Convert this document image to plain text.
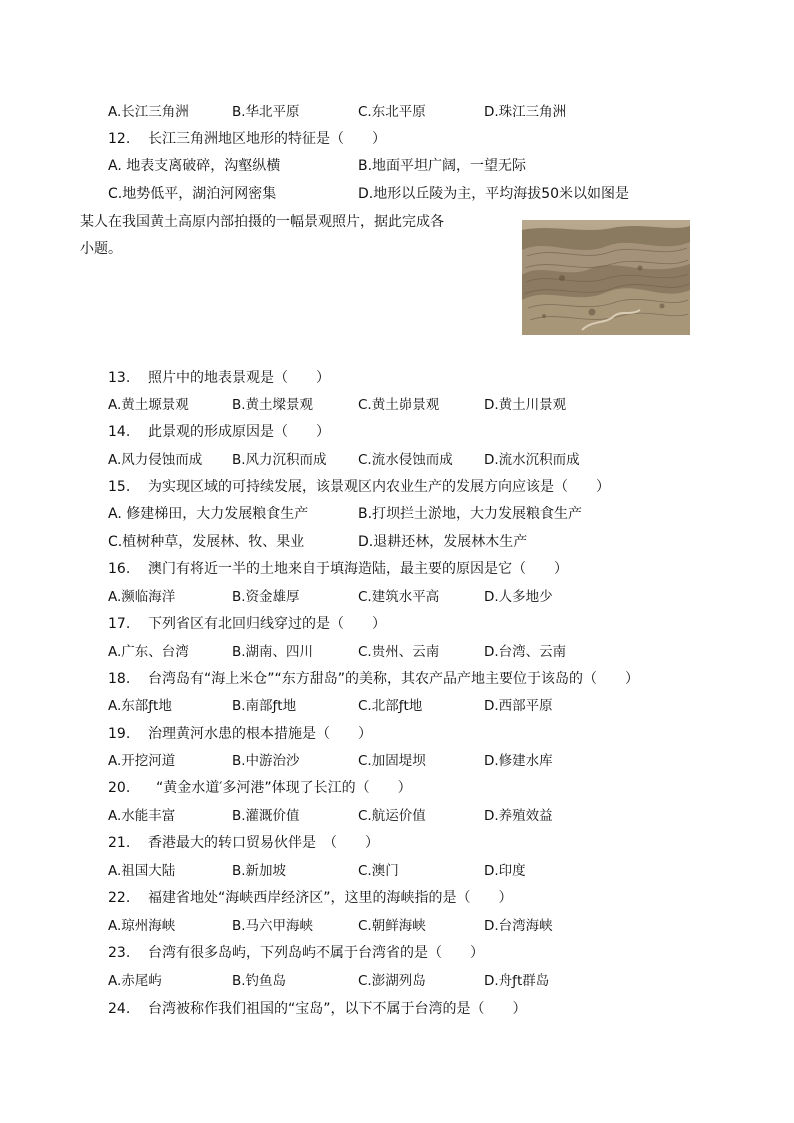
A.长江三角洲	B.华北平原	C.东北平原	D.珠江三角洲
12. 长江三角洲地区地形的特征是（　　）
A. 地表支离破碎，沟壑纵横	B.地面平坦广阔，一望无际
C.地势低平，湖泊河网密集	D.地形以丘陵为主，平均海拔50米以如图是
某人在我国黄土高原内部拍摄的一幅景观照片，据此完成各
小题。
13. 照片中的地表景观是（　　）
A.黄土塬景观	B.黄土墚景观	C.黄土峁景观	D.黄土川景观
14. 此景观的形成原因是（　　）
A.风力侵蚀而成 B.风力沉积而成 C.流水侵蚀而成 D.流水沉积而成
15. 为实现区域的可持续发展，该景观区内农业生产的发展方向应该是（　　）
A. 修建梯田，大力发展粮食生产	B.打坝拦土淤地，大力发展粮食生产
C.植树种草，发展林、牧、果业	D.退耕还林，发展林木生产
16. 澳门有将近一半的土地来自于填海造陆，最主要的原因是它（　　）
A.濒临海洋	B.资金雄厚	C.建筑水平高	D.人多地少
17. 下列省区有北回归线穿过的是（　　）
A.广东、台湾	B.湖南、四川	C.贵州、云南	D.台湾、云南
18. 台湾岛有“海上米仓”“东方甜岛”的美称，其农产品产地主要位于该岛的（　　）
A.东部ƒt地	B.南部ƒt地	C.北部ƒt地	D.西部平原
19. 治理黄河水患的根本措施是（　　）
A.开挖河道	B.中游治沙	C.加固堤坝	D.修建水库
20. “黄金水道′多河港”体现了长江的（　　）
A.水能丰富	B.灌溉价值	C.航运价值	D.养殖效益
21. 香港最大的转口贸易伙伴是　（　　）
A.祖国大陆	B.新加坡	C.澳门	D.印度
22. 福建省地处“海峡西岸经济区”，这里的海峡指的是（　　）
A.琼州海峡	B.马六甲海峡	C.朝鲜海峡	D.台湾海峡
23. 台湾有很多岛屿，下列岛屿不属于台湾省的是（　　）
A.赤尾屿	B.钓鱼岛	C.澎湖列岛	D.舟ƒt群岛
24. 台湾被称作我们祖国的“宝岛”，以下不属于台湾的是（　　）
